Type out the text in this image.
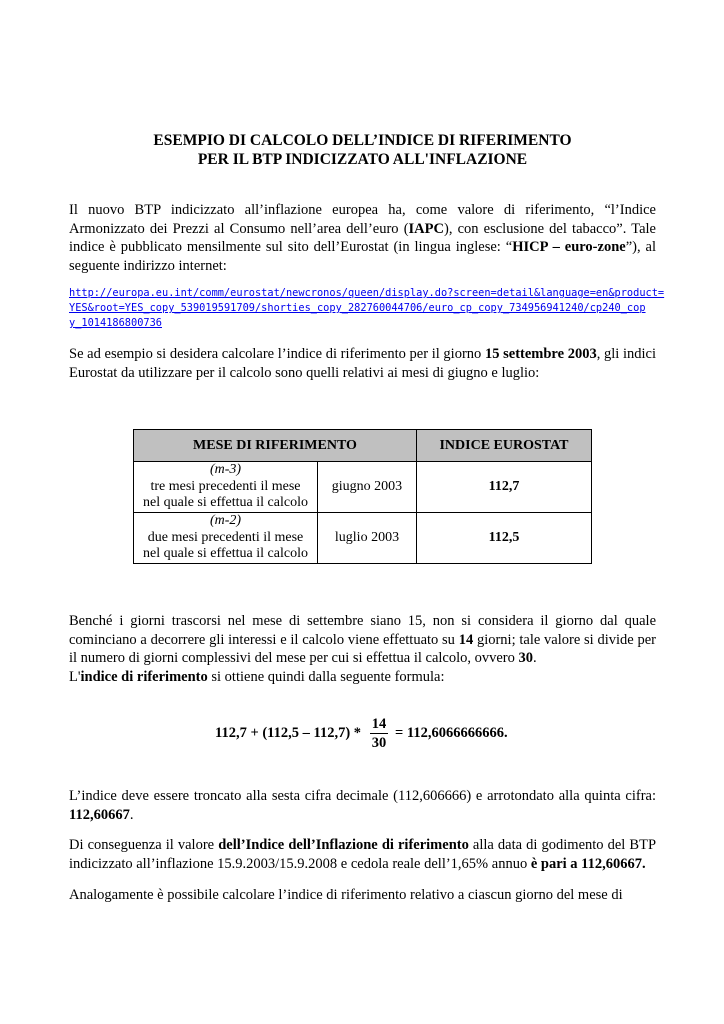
ESEMPIO DI CALCOLO DELL’INDICE DI RIFERIMENTO
PER IL BTP INDICIZZATO ALL'INFLAZIONE

Il nuovo BTP indicizzato all’inflazione europea ha, come valore di riferimento, “l’Indice Armonizzato dei Prezzi al Consumo nell’area dell’euro (IAPC), con esclusione del tabacco”. Tale indice è pubblicato mensilmente sul sito dell’Eurostat (in lingua inglese: “HICP – euro-zone”), al seguente indirizzo internet:

http://europa.eu.int/comm/eurostat/newcronos/queen/display.do?screen=detail&language=en&product=
YES&root=YES_copy_539019591709/shorties_copy_282760044706/euro_cp_copy_734956941240/cp240_cop
y_1014186800736

Se ad esempio si desidera calcolare l’indice di riferimento per il giorno 15 settembre 2003, gli indici Eurostat da utilizzare per il calcolo sono quelli relativi ai mesi di giugno e luglio:

MESE DI RIFERIMENTO		INDICE EUROSTAT
(m-3)
tre mesi precedenti il mese
nel quale si effettua il calcolo	giugno 2003	112,7
(m-2)
due mesi precedenti il mese
nel quale si effettua il calcolo	luglio 2003	112,5

Benché i giorni trascorsi nel mese di settembre siano 15, non si considera il giorno dal quale cominciano a decorrere gli interessi e il calcolo viene effettuato su 14 giorni; tale valore si divide per il numero di giorni complessivi del mese per cui si effettua il calcolo, ovvero 30.

L'indice di riferimento si ottiene quindi dalla seguente formula:

112,7 + (112,5 – 112,7) *
14
30
= 112,6066666666.

L’indice deve essere troncato alla sesta cifra decimale (112,606666) e arrotondato alla quinta cifra: 112,60667.

Di conseguenza il valore dell’Indice dell’Inflazione di riferimento alla data di godimento del BTP indicizzato all’inflazione 15.9.2003/15.9.2008 e cedola reale dell’1,65% annuo è pari a 112,60667.

Analogamente è possibile calcolare l’indice di riferimento relativo a ciascun giorno del mese di
